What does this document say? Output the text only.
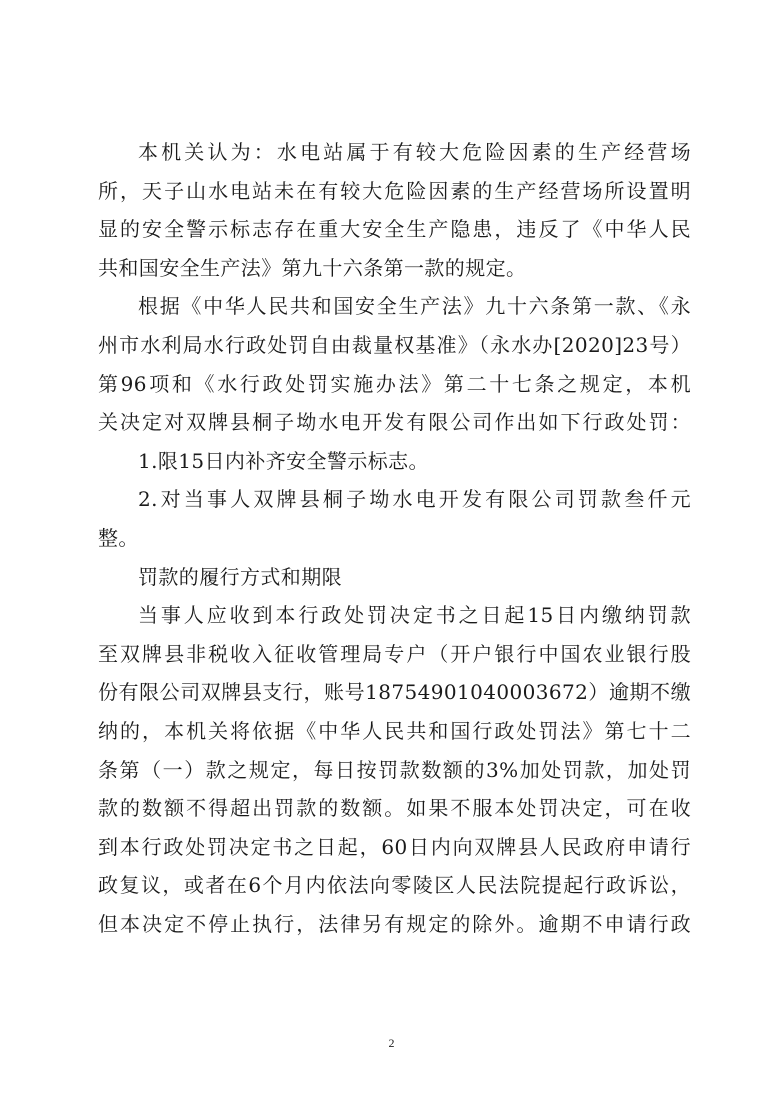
本机关认为：水电站属于有较大危险因素的生产经营场
所，天子山水电站未在有较大危险因素的生产经营场所设置明
显的安全警示标志存在重大安全生产隐患，违反了《中华人民
共和国安全生产法》第九十六条第一款的规定。
根据《中华人民共和国安全生产法》九十六条第一款、《永
州市水利局水行政处罚自由裁量权基准》（永水办[2020]23号）
第96项和《水行政处罚实施办法》第二十七条之规定，本机
关决定对双牌县桐子坳水电开发有限公司作出如下行政处罚：
1.限15日内补齐安全警示标志。
2.对当事人双牌县桐子坳水电开发有限公司罚款叁仟元
整。
罚款的履行方式和期限
当事人应收到本行政处罚决定书之日起15日内缴纳罚款
至双牌县非税收入征收管理局专户（开户银行中国农业银行股
份有限公司双牌县支行，账号18754901040003672）逾期不缴
纳的，本机关将依据《中华人民共和国行政处罚法》第七十二
条第（一）款之规定，每日按罚款数额的3%加处罚款，加处罚
款的数额不得超出罚款的数额。如果不服本处罚决定，可在收
到本行政处罚决定书之日起，60日内向双牌县人民政府申请行
政复议，或者在6个月内依法向零陵区人民法院提起行政诉讼，
但本决定不停止执行，法律另有规定的除外。逾期不申请行政
2
